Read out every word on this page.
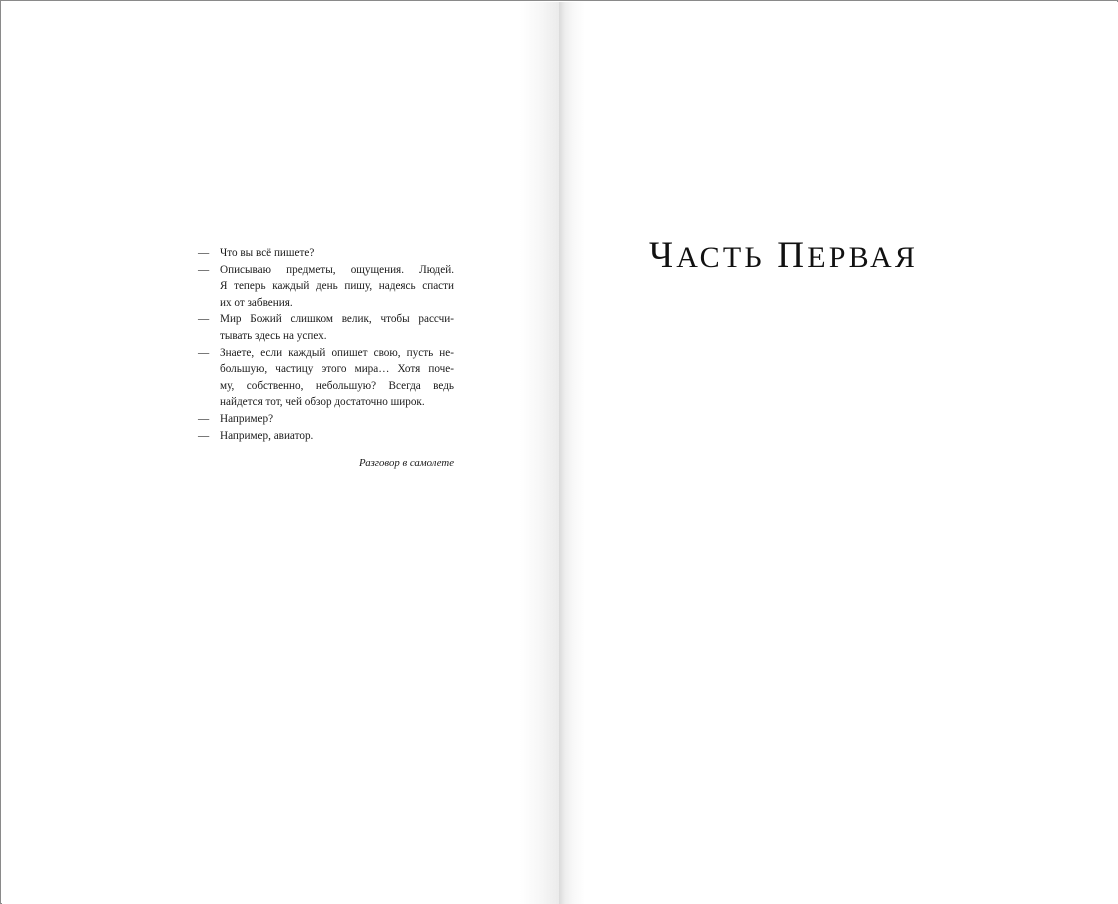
— Что вы всё пишете?
— Описываю предметы, ощущения. Людей.
Я теперь каждый день пишу, надеясь спасти
их от забвения.
— Мир Божий слишком велик, чтобы рассчи-
тывать здесь на успех.
— Знаете, если каждый опишет свою, пусть не-
большую, частицу этого мира… Хотя поче-
му, собственно, небольшую? Всегда ведь
найдется тот, чей обзор достаточно широк.
— Например?
— Например, авиатор.
Разговор в самолете
ЧАСТЬ ПЕРВАЯ
